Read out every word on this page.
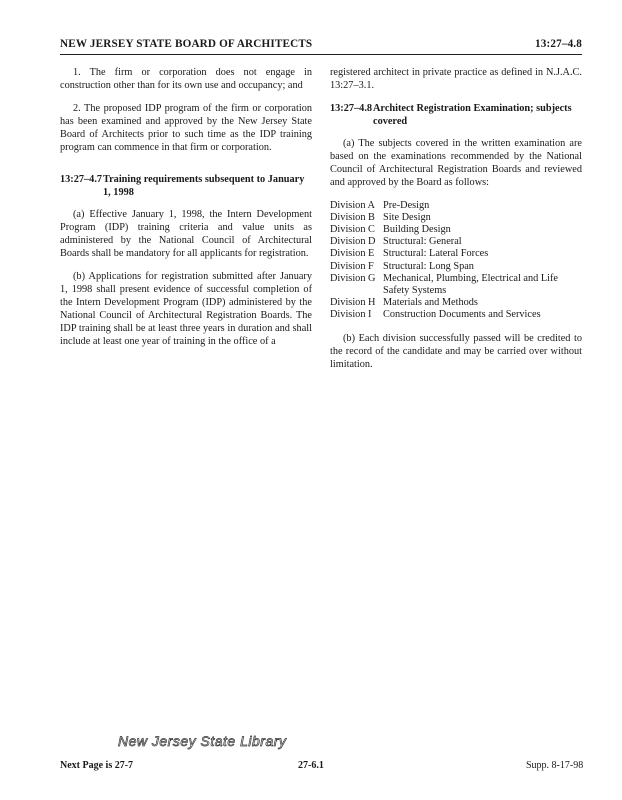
NEW JERSEY STATE BOARD OF ARCHITECTS	13:27–4.8

1. The firm or corporation does not engage in construction other than for its own use and occupancy; and

2. The proposed IDP program of the firm or corporation has been examined and approved by the New Jersey State Board of Architects prior to such time as the IDP training program can commence in that firm or corporation.

13:27–4.7 Training requirements subsequent to January 1, 1998

(a) Effective January 1, 1998, the Intern Development Program (IDP) training criteria and value units as administered by the National Council of Architectural Boards shall be mandatory for all applicants for registration.

(b) Applications for registration submitted after January 1, 1998 shall present evidence of successful completion of the Intern Development Program (IDP) administered by the National Council of Architectural Registration Boards. The IDP training shall be at least three years in duration and shall include at least one year of training in the office of a

registered architect in private practice as defined in N.J.A.C. 13:27–3.1.

13:27–4.8 Architect Registration Examination; subjects covered

(a) The subjects covered in the written examination are based on the examinations recommended by the National Council of Architectural Registration Boards and reviewed and approved by the Board as follows:

Division A	Pre-Design
Division B	Site Design
Division C	Building Design
Division D	Structural: General
Division E	Structural: Lateral Forces
Division F	Structural: Long Span
Division G	Mechanical, Plumbing, Electrical and Life Safety Systems
Division H	Materials and Methods
Division I	Construction Documents and Services

(b) Each division successfully passed will be credited to the record of the candidate and may be carried over without limitation.

New Jersey State Library
Next Page is 27-7	27-6.1	Supp. 8-17-98
